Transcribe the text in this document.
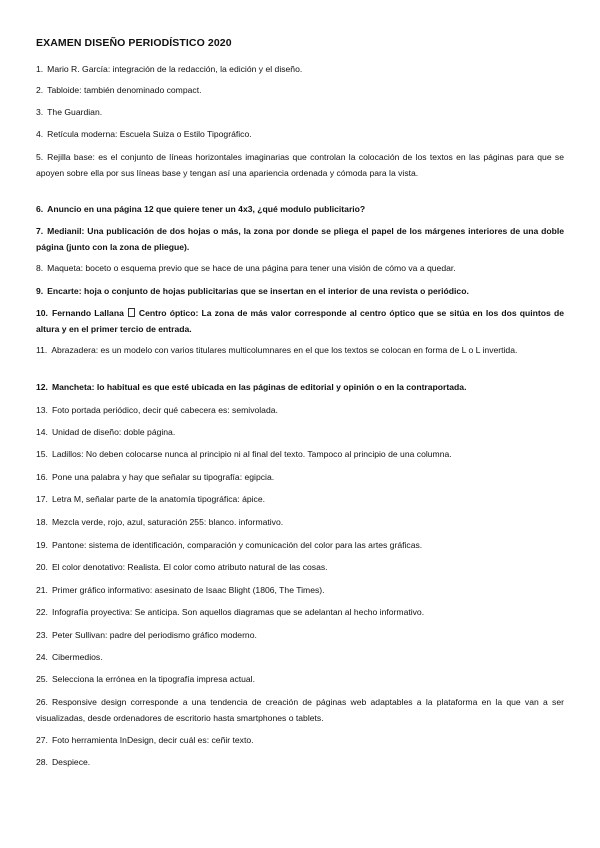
EXAMEN DISEÑO PERIODÍSTICO 2020
1. Mario R. García: integración de la redacción, la edición y el diseño.
2. Tabloide: también denominado compact.
3. The Guardian.
4. Retícula moderna: Escuela Suiza o Estilo Tipográfico.
5. Rejilla base: es el conjunto de líneas horizontales imaginarias que controlan la colocación de los textos en las páginas para que se apoyen sobre ella por sus líneas base y tengan así una apariencia ordenada y cómoda para la vista.
6. Anuncio en una página 12 que quiere tener un 4x3, ¿qué modulo publicitario?
7. Medianil: Una publicación de dos hojas o más, la zona por donde se pliega el papel de los márgenes interiores de una doble página (junto con la zona de pliegue).
8. Maqueta: boceto o esquema previo que se hace de una página para tener una visión de cómo va a quedar.
9. Encarte: hoja o conjunto de hojas publicitarias que se insertan en el interior de una revista o periódico.
10. Fernando Lallana Centro óptico: La zona de más valor corresponde al centro óptico que se sitúa en los dos quintos de altura y en el primer tercio de entrada.
11. Abrazadera: es un modelo con varios titulares multicolumnares en el que los textos se colocan en forma de L o L invertida.
12. Mancheta: lo habitual es que esté ubicada en las páginas de editorial y opinión o en la contraportada.
13. Foto portada periódico, decir qué cabecera es: semivolada.
14. Unidad de diseño: doble página.
15. Ladillos: No deben colocarse nunca al principio ni al final del texto. Tampoco al principio de una columna.
16. Pone una palabra y hay que señalar su tipografía: egipcia.
17. Letra M, señalar parte de la anatomía tipográfica: ápice.
18. Mezcla verde, rojo, azul, saturación 255: blanco. informativo.
19. Pantone: sistema de identificación, comparación y comunicación del color para las artes gráficas.
20. El color denotativo: Realista. El color como atributo natural de las cosas.
21. Primer gráfico informativo: asesinato de Isaac Blight (1806, The Times).
22. Infografía proyectiva: Se anticipa. Son aquellos diagramas que se adelantan al hecho informativo.
23. Peter Sullivan: padre del periodismo gráfico moderno.
24. Cibermedios.
25. Selecciona la errónea en la tipografía impresa actual.
26. Responsive design corresponde a una tendencia de creación de páginas web adaptables a la plataforma en la que van a ser visualizadas, desde ordenadores de escritorio hasta smartphones o tablets.
27. Foto herramienta InDesign, decir cuál es: ceñir texto.
28. Despiece.
